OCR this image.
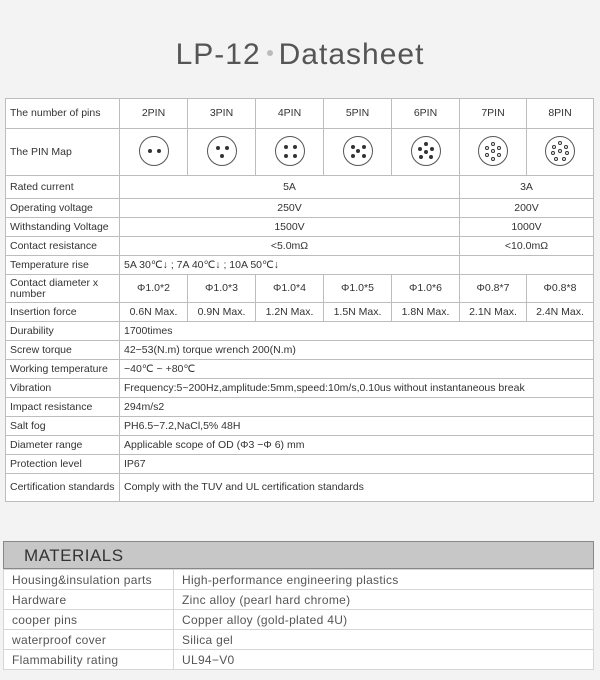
LP-12 Datasheet
The number of pins	2PIN	3PIN	4PIN	5PIN	6PIN	7PIN	8PIN
The PIN Map	

Rated current	5A					3A	
Operating voltage	250V					200V	
Withstanding Voltage	1500V					1000V	
Contact resistance	<5.0mΩ					<10.0mΩ	
Temperature rise	5A 30℃↓ ; 7A 40℃↓ ; 10A 50℃↓						
Contact diameter x number	Φ1.0*2	Φ1.0*3	Φ1.0*4	Φ1.0*5	Φ1.0*6	Φ0.8*7	Φ0.8*8
Insertion force	0.6N Max.	0.9N Max.	1.2N Max.	1.5N Max.	1.8N Max.	2.1N Max.	2.4N Max.
Durability	1700times						
Screw torque	42−53(N.m) torque wrench 200(N.m)						
Working temperature	−40℃ ~ +80℃						
Vibration	Frequency:5~200Hz,amplitude:5mm,speed:10m/s,0.10us without instantaneous break						
Impact resistance	294m/s2						
Salt fog	PH6.5−7.2,NaCl,5% 48H						
Diameter range	Applicable scope of OD (Φ3 −Φ 6) mm						
Protection level	IP67						
Certification standards	Comply with the TUV and UL certification standards						
MATERIALS
Housing&insulation parts	High-performance engineering plastics
Hardware	Zinc alloy (pearl hard chrome)
cooper pins	Copper alloy (gold-plated 4U)
waterproof cover	Silica gel
Flammability rating	UL94−V0
